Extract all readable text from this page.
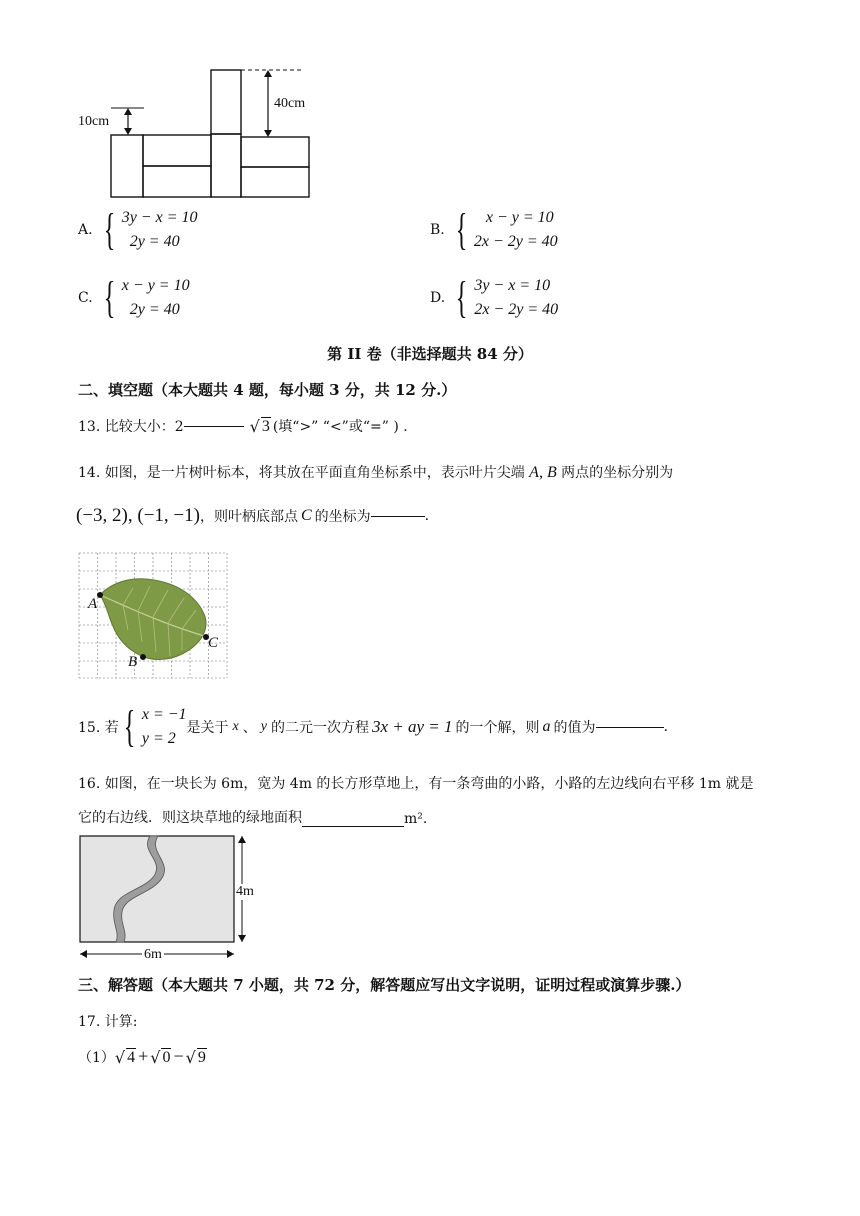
10cm
40cm
A. { 3y − x = 10
2y = 40
B. {	x − y = 10
2x − 2y = 40
C. { x − y = 10
2y = 40
D. { 3y − x = 10
2x − 2y = 40
第 II 卷（非选择题共 84 分）
二、填空题（本大题共 4 题，每小题 3 分，共 12 分.）
13. 比较大小：2	√ 3 (填“>” “<”或“=” ) .
14. 如图，是一片树叶标本，将其放在平面直角坐标系中，表示叶片尖端 A, B 两点的坐标分别为
(−3, 2), (−1, −1) ，则叶柄底部点 C 的坐标为	.
A
B
C
15. 若 { x = −1
y = 2
是关于 x 、 y 的二元一次方程 3x + ay = 1 的一个解，则 a 的值为	.
16. 如图，在一块长为 6m，宽为 4m 的长方形草地上，有一条弯曲的小路，小路的左边线向右平移 1m 就是
它的右边线．则这块草地的绿地面积	m².
4m
6m
三、解答题（本大题共 7 小题，共 72 分，解答题应写出文字说明，证明过程或演算步骤.）
17. 计算:
（1） √ 4 + √ 0 − √ 9
